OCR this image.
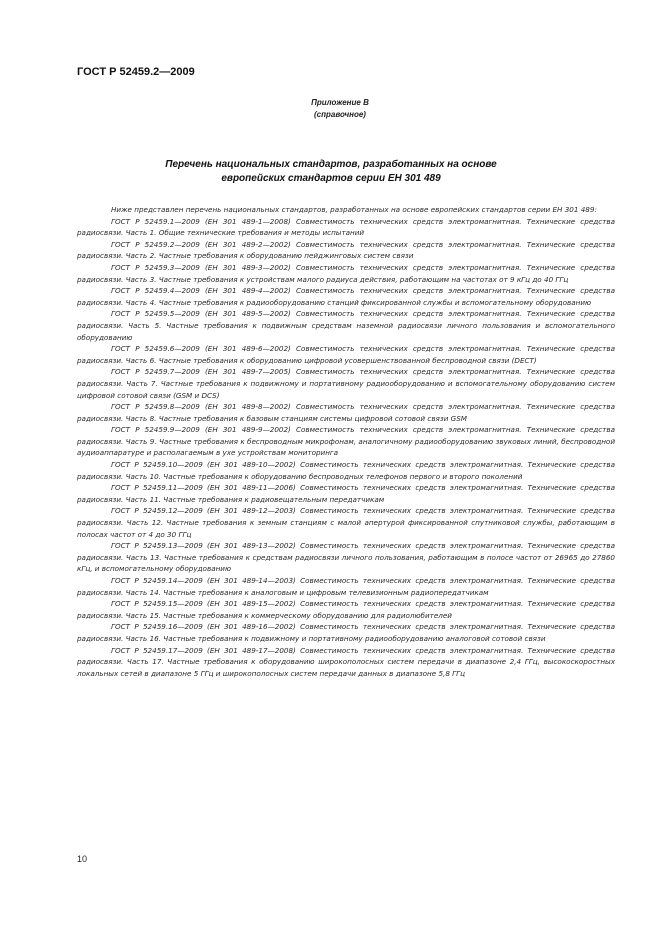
ГОСТ Р 52459.2—2009
Приложение В
(справочное)
Перечень национальных стандартов, разработанных на основе
европейских стандартов серии ЕН 301 489

Ниже представлен перечень национальных стандартов, разработанных на основе европейских стандартов серии ЕН 301 489:

ГОСТ Р 52459.1—2009 (ЕН 301 489-1—2008) Совместимость технических средств электромагнитная. Технические средства радиосвязи. Часть 1. Общие технические требования и методы испытаний

ГОСТ Р 52459.2—2009 (ЕН 301 489-2—2002) Совместимость технических средств электромагнитная. Технические средства радиосвязи. Часть 2. Частные требования к оборудованию пейджинговых систем связи

ГОСТ Р 52459.3—2009 (ЕН 301 489-3—2002) Совместимость технических средств электромагнитная. Технические средства радиосвязи. Часть 3. Частные требования к устройствам малого радиуса действия, работающим на частотах от 9 кГц до 40 ГГц

ГОСТ Р 52459.4—2009 (ЕН 301 489-4—2002) Совместимость технических средств электромагнитная. Технические средства радиосвязи. Часть 4. Частные требования к радиооборудованию станций фиксированной службы и вспомогательному оборудованию

ГОСТ Р 52459.5—2009 (ЕН 301 489-5—2002) Совместимость технических средств электромагнитная. Технические средства радиосвязи. Часть 5. Частные требования к подвижным средствам наземной радиосвязи личного пользования и вспомогательного оборудованию

ГОСТ Р 52459.6—2009 (ЕН 301 489-6—2002) Совместимость технических средств электромагнитная. Технические средства радиосвязи. Часть 6. Частные требования к оборудованию цифровой усовершенствованной беспроводной связи (DECT)

ГОСТ Р 52459.7—2009 (ЕН 301 489-7—2005) Совместимость технических средств электромагнитная. Технические средства радиосвязи. Часть 7. Частные требования к подвижному и портативному радиооборудованию и вспомогательному оборудованию систем цифровой сотовой связи (GSM и DCS)

ГОСТ Р 52459.8—2009 (ЕН 301 489-8—2002) Совместимость технических средств электромагнитная. Технические средства радиосвязи. Часть 8. Частные требования к базовым станциям системы цифровой сотовой связи GSM

ГОСТ Р 52459.9—2009 (ЕН 301 489-9—2002) Совместимость технических средств электромагнитная. Технические средства радиосвязи. Часть 9. Частные требования к беспроводным микрофонам, аналогичному радиооборудованию звуковых линий, беспроводной аудиоаппаратуре и располагаемым в ухе устройствам мониторинга

ГОСТ Р 52459.10—2009 (ЕН 301 489-10—2002) Совместимость технических средств электромагнитная. Технические средства радиосвязи. Часть 10. Частные требования к оборудованию беспроводных телефонов первого и второго поколений

ГОСТ Р 52459.11—2009 (ЕН 301 489-11—2006) Совместимость технических средств электромагнитная. Технические средства радиосвязи. Часть 11. Частные требования к радиовещательным передатчикам

ГОСТ Р 52459.12—2009 (ЕН 301 489-12—2003) Совместимость технических средств электромагнитная. Технические средства радиосвязи. Часть 12. Частные требования к земным станциям с малой апертурой фиксированной спутниковой службы, работающим в полосах частот от 4 до 30 ГГц

ГОСТ Р 52459.13—2009 (ЕН 301 489-13—2002) Совместимость технических средств электромагнитная. Технические средства радиосвязи. Часть 13. Частные требования к средствам радиосвязи личного пользования, работающим в полосе частот от 26965 до 27860 кГц, и вспомогательному оборудованию

ГОСТ Р 52459.14—2009 (ЕН 301 489-14—2003) Совместимость технических средств электромагнитная. Технические средства радиосвязи. Часть 14. Частные требования к аналоговым и цифровым телевизионным радиопередатчикам

ГОСТ Р 52459.15—2009 (ЕН 301 489-15—2002) Совместимость технических средств электромагнитная. Технические средства радиосвязи. Часть 15. Частные требования к коммерческому оборудованию для радиолюбителей

ГОСТ Р 52459.16—2009 (ЕН 301 489-16—2002) Совместимость технических средств электромагнитная. Технические средства радиосвязи. Часть 16. Частные требования к подвижному и портативному радиооборудованию аналоговой сотовой связи

ГОСТ Р 52459.17—2009 (ЕН 301 489-17—2008) Совместимость технических средств электромагнитная. Технические средства радиосвязи. Часть 17. Частные требования к оборудованию широкополосных систем передачи в диапазоне 2,4 ГГц, высокоскоростных локальных сетей в диапазоне 5 ГГц и широкополосных систем передачи данных в диапазоне 5,8 ГГц

10
